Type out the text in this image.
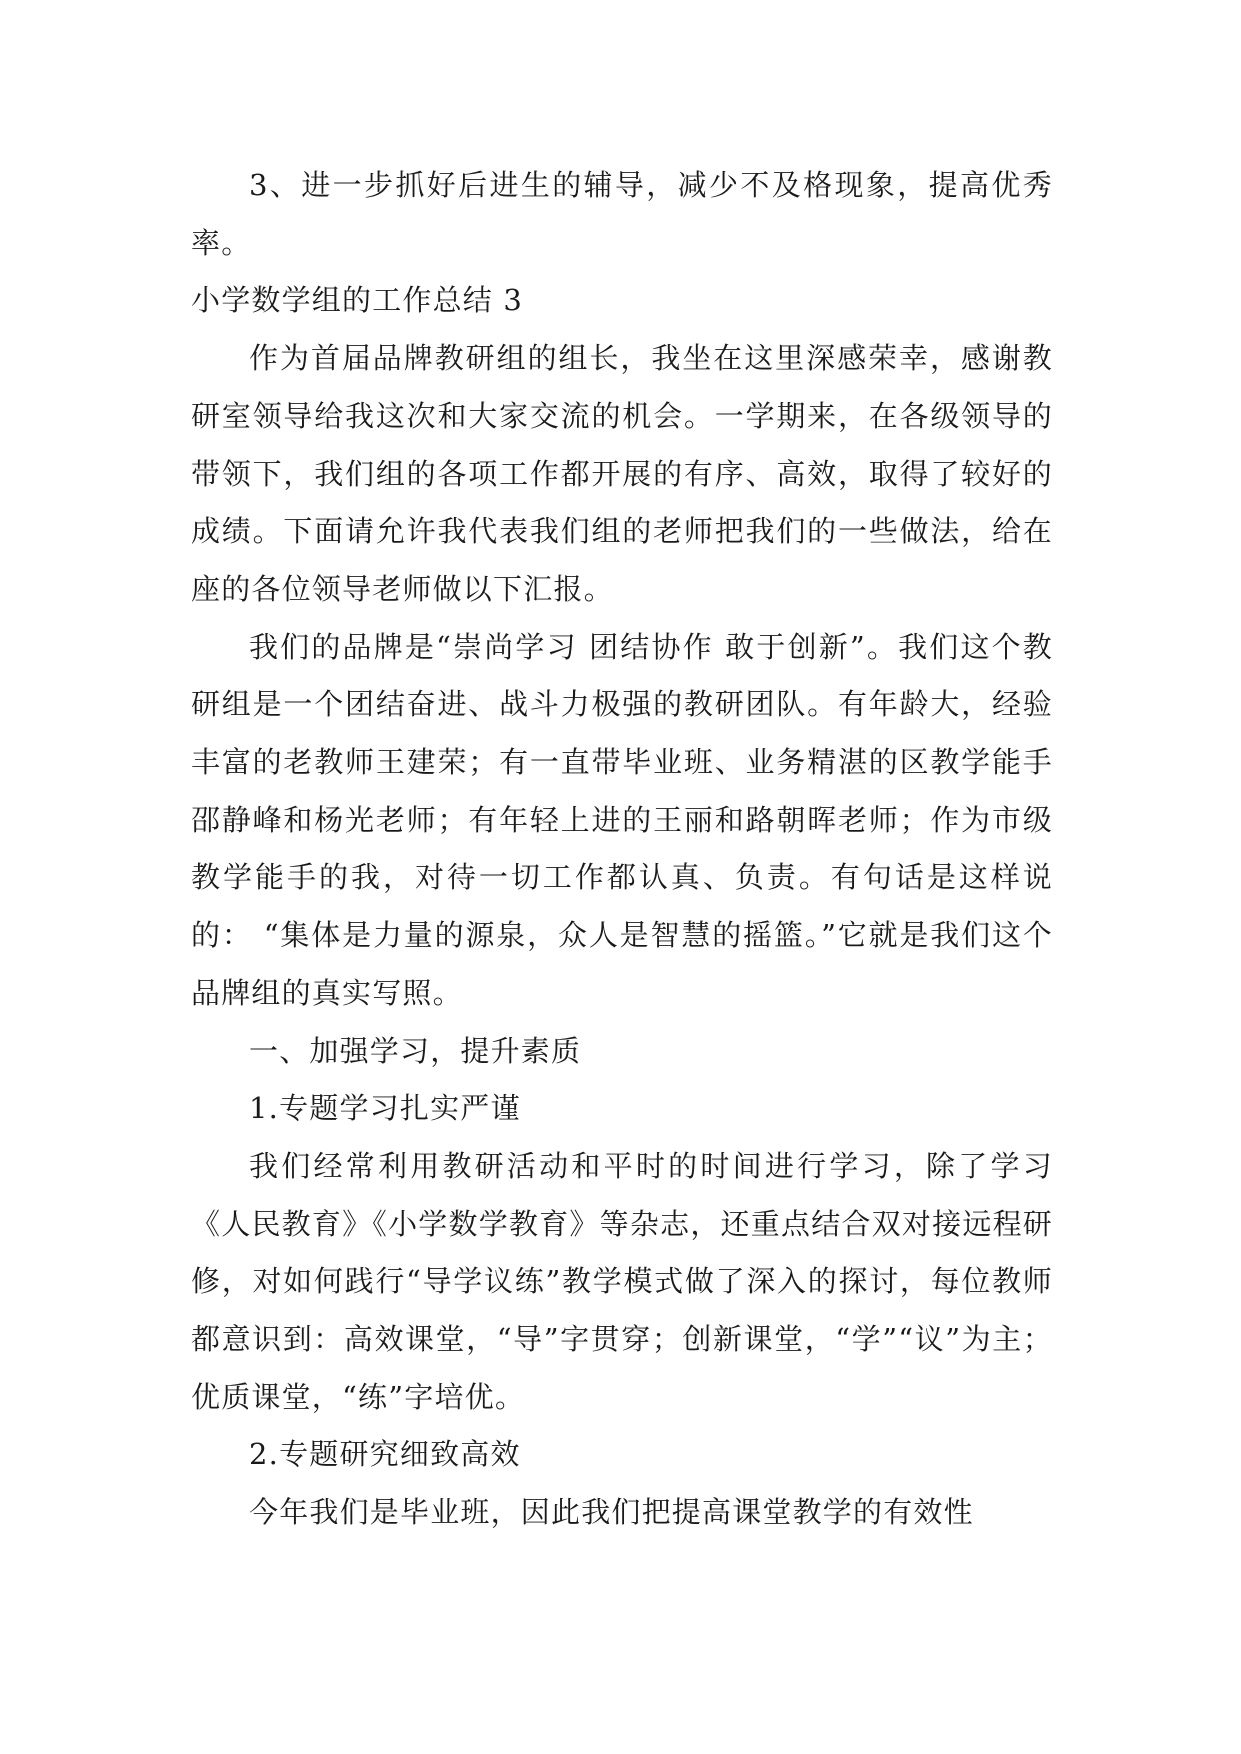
3、进一步抓好后进生的辅导，减少不及格现象，提高优秀率。

小学数学组的工作总结 3

作为首届品牌教研组的组长，我坐在这里深感荣幸，感谢教研室领导给我这次和大家交流的机会。一学期来，在各级领导的带领下，我们组的各项工作都开展的有序、高效，取得了较好的成绩。下面请允许我代表我们组的老师把我们的一些做法，给在座的各位领导老师做以下汇报。

我们的品牌是“崇尚学习 团结协作 敢于创新”。我们这个教研组是一个团结奋进、战斗力极强的教研团队。有年龄大，经验丰富的老教师王建荣；有一直带毕业班、业务精湛的区教学能手邵静峰和杨光老师；有年轻上进的王丽和路朝晖老师；作为市级教学能手的我，对待一切工作都认真、负责。有句话是这样说的： “集体是力量的源泉，众人是智慧的摇篮。”它就是我们这个品牌组的真实写照。

一、加强学习，提升素质

1.专题学习扎实严谨

我们经常利用教研活动和平时的时间进行学习，除了学习《人民教育》《小学数学教育》等杂志，还重点结合双对接远程研修，对如何践行“导学议练”教学模式做了深入的探讨，每位教师都意识到：高效课堂，“导”字贯穿；创新课堂，“学”“议”为主；优质课堂，“练”字培优。

2.专题研究细致高效

今年我们是毕业班，因此我们把提高课堂教学的有效性
